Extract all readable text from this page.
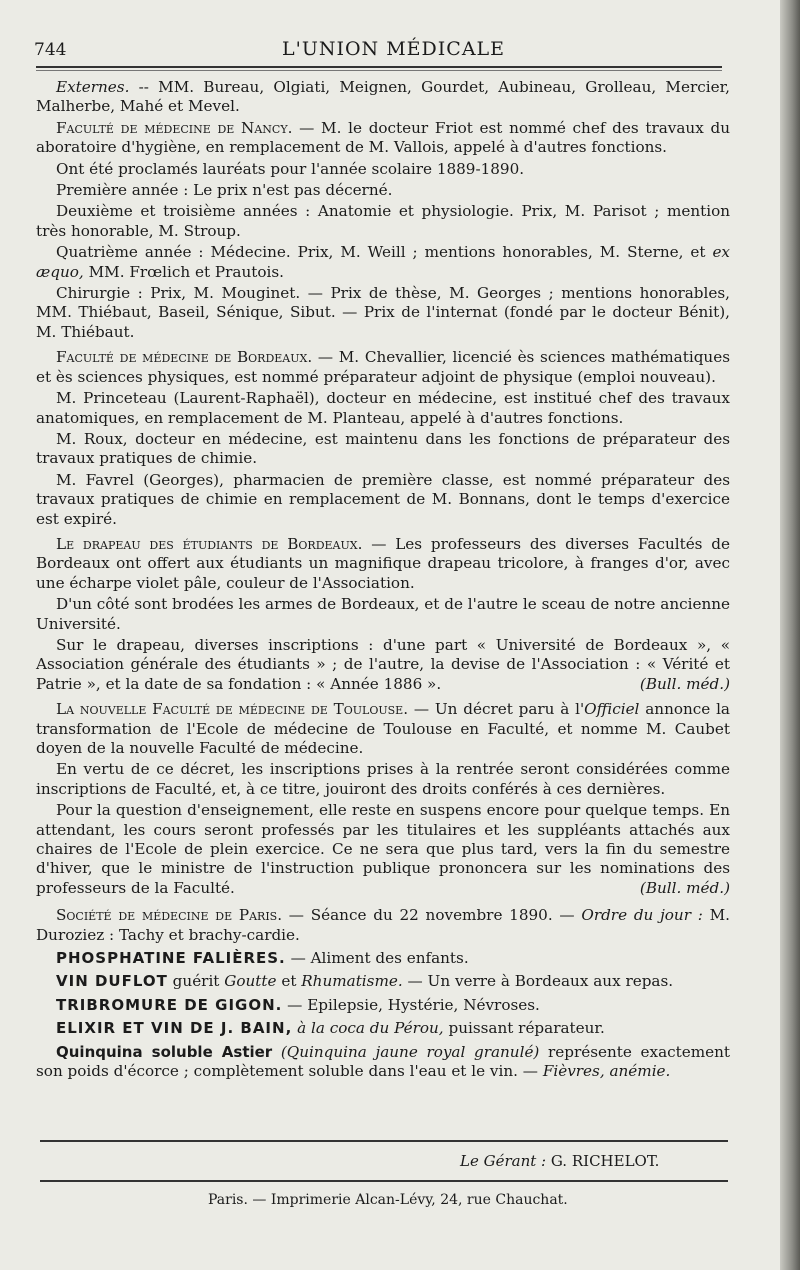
744	L'UNION MÉDICALE

Externes. -- MM. Bureau, Olgiati, Meignen, Gourdet, Aubineau, Grolleau, Mercier, Malherbe, Mahé et Mevel.

Faculté de médecine de Nancy. — M. le docteur Friot est nommé chef des travaux du aboratoire d'hygiène, en remplacement de M. Vallois, appelé à d'autres fonctions.

Ont été proclamés lauréats pour l'année scolaire 1889-1890.

Première année : Le prix n'est pas décerné.

Deuxième et troisième années : Anatomie et physiologie. Prix, M. Parisot ; mention très honorable, M. Stroup.

Quatrième année : Médecine. Prix, M. Weill ; mentions honorables, M. Sterne, et ex æquo, MM. Frœlich et Prautois.

Chirurgie : Prix, M. Mouginet. — Prix de thèse, M. Georges ; mentions honorables, MM. Thiébaut, Baseil, Sénique, Sibut. — Prix de l'internat (fondé par le docteur Bénit), M. Thiébaut.

Faculté de médecine de Bordeaux. — M. Chevallier, licencié ès sciences mathématiques et ès sciences physiques, est nommé préparateur adjoint de physique (emploi nouveau).

M. Princeteau (Laurent-Raphaël), docteur en médecine, est institué chef des travaux anatomiques, en remplacement de M. Planteau, appelé à d'autres fonctions.

M. Roux, docteur en médecine, est maintenu dans les fonctions de préparateur des travaux pratiques de chimie.

M. Favrel (Georges), pharmacien de première classe, est nommé préparateur des travaux pratiques de chimie en remplacement de M. Bonnans, dont le temps d'exercice est expiré.

Le drapeau des étudiants de Bordeaux. — Les professeurs des diverses Facultés de Bordeaux ont offert aux étudiants un magnifique drapeau tricolore, à franges d'or, avec une écharpe violet pâle, couleur de l'Association.

D'un côté sont brodées les armes de Bordeaux, et de l'autre le sceau de notre ancienne Université.

Sur le drapeau, diverses inscriptions : d'une part « Université de Bordeaux », « Association générale des étudiants » ; de l'autre, la devise de l'Association : « Vérité et Patrie », et la date de sa fondation : « Année 1886 ».	(Bull. méd.)

La nouvelle Faculté de médecine de Toulouse. — Un décret paru à l'Officiel annonce la transformation de l'Ecole de médecine de Toulouse en Faculté, et nomme M. Caubet doyen de la nouvelle Faculté de médecine.

En vertu de ce décret, les inscriptions prises à la rentrée seront considérées comme inscriptions de Faculté, et, à ce titre, jouiront des droits conférés à ces dernières.

Pour la question d'enseignement, elle reste en suspens encore pour quelque temps. En attendant, les cours seront professés par les titulaires et les suppléants attachés aux chaires de l'Ecole de plein exercice. Ce ne sera que plus tard, vers la fin du semestre d'hiver, que le ministre de l'instruction publique prononcera sur les nominations des professeurs de la Faculté.	(Bull. méd.)

Société de médecine de Paris. — Séance du 22 novembre 1890. — Ordre du jour : M. Duroziez : Tachy et brachy-cardie.

PHOSPHATINE FALIÈRES. — Aliment des enfants.

VIN DUFLOT guérit Goutte et Rhumatisme. — Un verre à Bordeaux aux repas.

TRIBROMURE DE GIGON. — Epilepsie, Hystérie, Névroses.

ELIXIR ET VIN DE J. BAIN, à la coca du Pérou, puissant réparateur.

Quinquina soluble Astier (Quinquina jaune royal granulé) représente exactement son poids d'écorce ; complètement soluble dans l'eau et le vin. — Fièvres, anémie.

Le Gérant : G. RICHELOT.
Paris. — Imprimerie Alcan-Lévy, 24, rue Chauchat.
